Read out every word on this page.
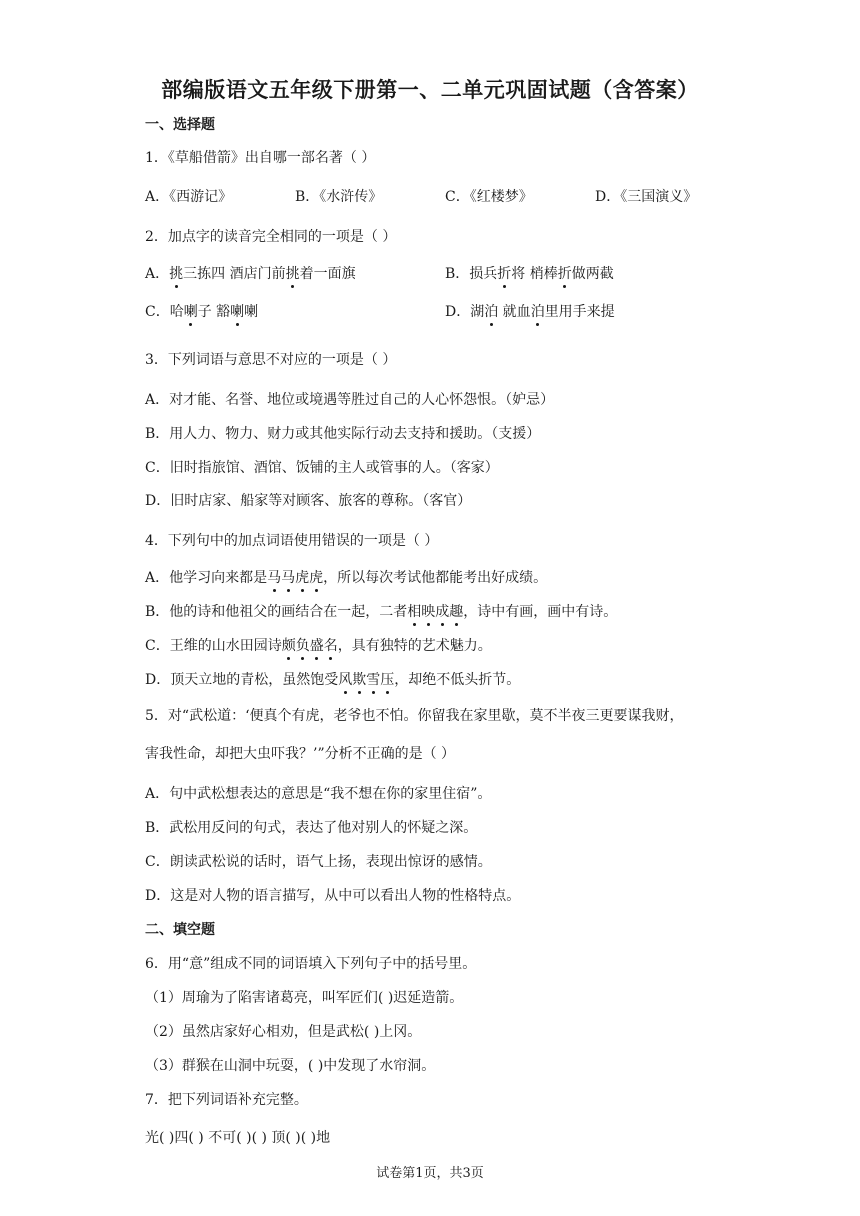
部编版语文五年级下册第一、二单元巩固试题（含答案）
一、选择题
1．《草船借箭》出自哪一部名著（ ）
A．《西游记》	B．《水浒传》	C．《红楼梦》	D．《三国演义》
2．加点字的读音完全相同的一项是（ ）
A．挑三拣四 酒店门前挑着一面旗	B．损兵折将 梢棒折做两截
C．哈喇子 豁喇喇	D．湖泊 就血泊里用手来提
3．下列词语与意思不对应的一项是（ ）
A．对才能、名誉、地位或境遇等胜过自己的人心怀怨恨。（妒忌）
B．用人力、物力、财力或其他实际行动去支持和援助。（支援）
C．旧时指旅馆、酒馆、饭铺的主人或管事的人。（客家）
D．旧时店家、船家等对顾客、旅客的尊称。（客官）
4．下列句中的加点词语使用错误的一项是（ ）
A．他学习向来都是马马虎虎，所以每次考试他都能考出好成绩。
B．他的诗和他祖父的画结合在一起，二者相映成趣，诗中有画，画中有诗。
C．王维的山水田园诗颇负盛名，具有独特的艺术魅力。
D．顶天立地的青松，虽然饱受风欺雪压，却绝不低头折节。
5．对“武松道：‘便真个有虎，老爷也不怕。你留我在家里歇，莫不半夜三更要谋我财，
害我性命，却把大虫吓我？’”分析不正确的是（ ）
A．句中武松想表达的意思是“我不想在你的家里住宿”。
B．武松用反问的句式，表达了他对别人的怀疑之深。
C．朗读武松说的话时，语气上扬，表现出惊讶的感情。
D．这是对人物的语言描写，从中可以看出人物的性格特点。
二、填空题
6．用“意”组成不同的词语填入下列句子中的括号里。
（1）周瑜为了陷害诸葛亮，叫军匠们( )迟延造箭。
（2）虽然店家好心相劝，但是武松( )上冈。
（3）群猴在山洞中玩耍，( )中发现了水帘洞。
7．把下列词语补充完整。
光( )四( ) 不可( )( ) 顶( )( )地
试卷第1页，共3页
